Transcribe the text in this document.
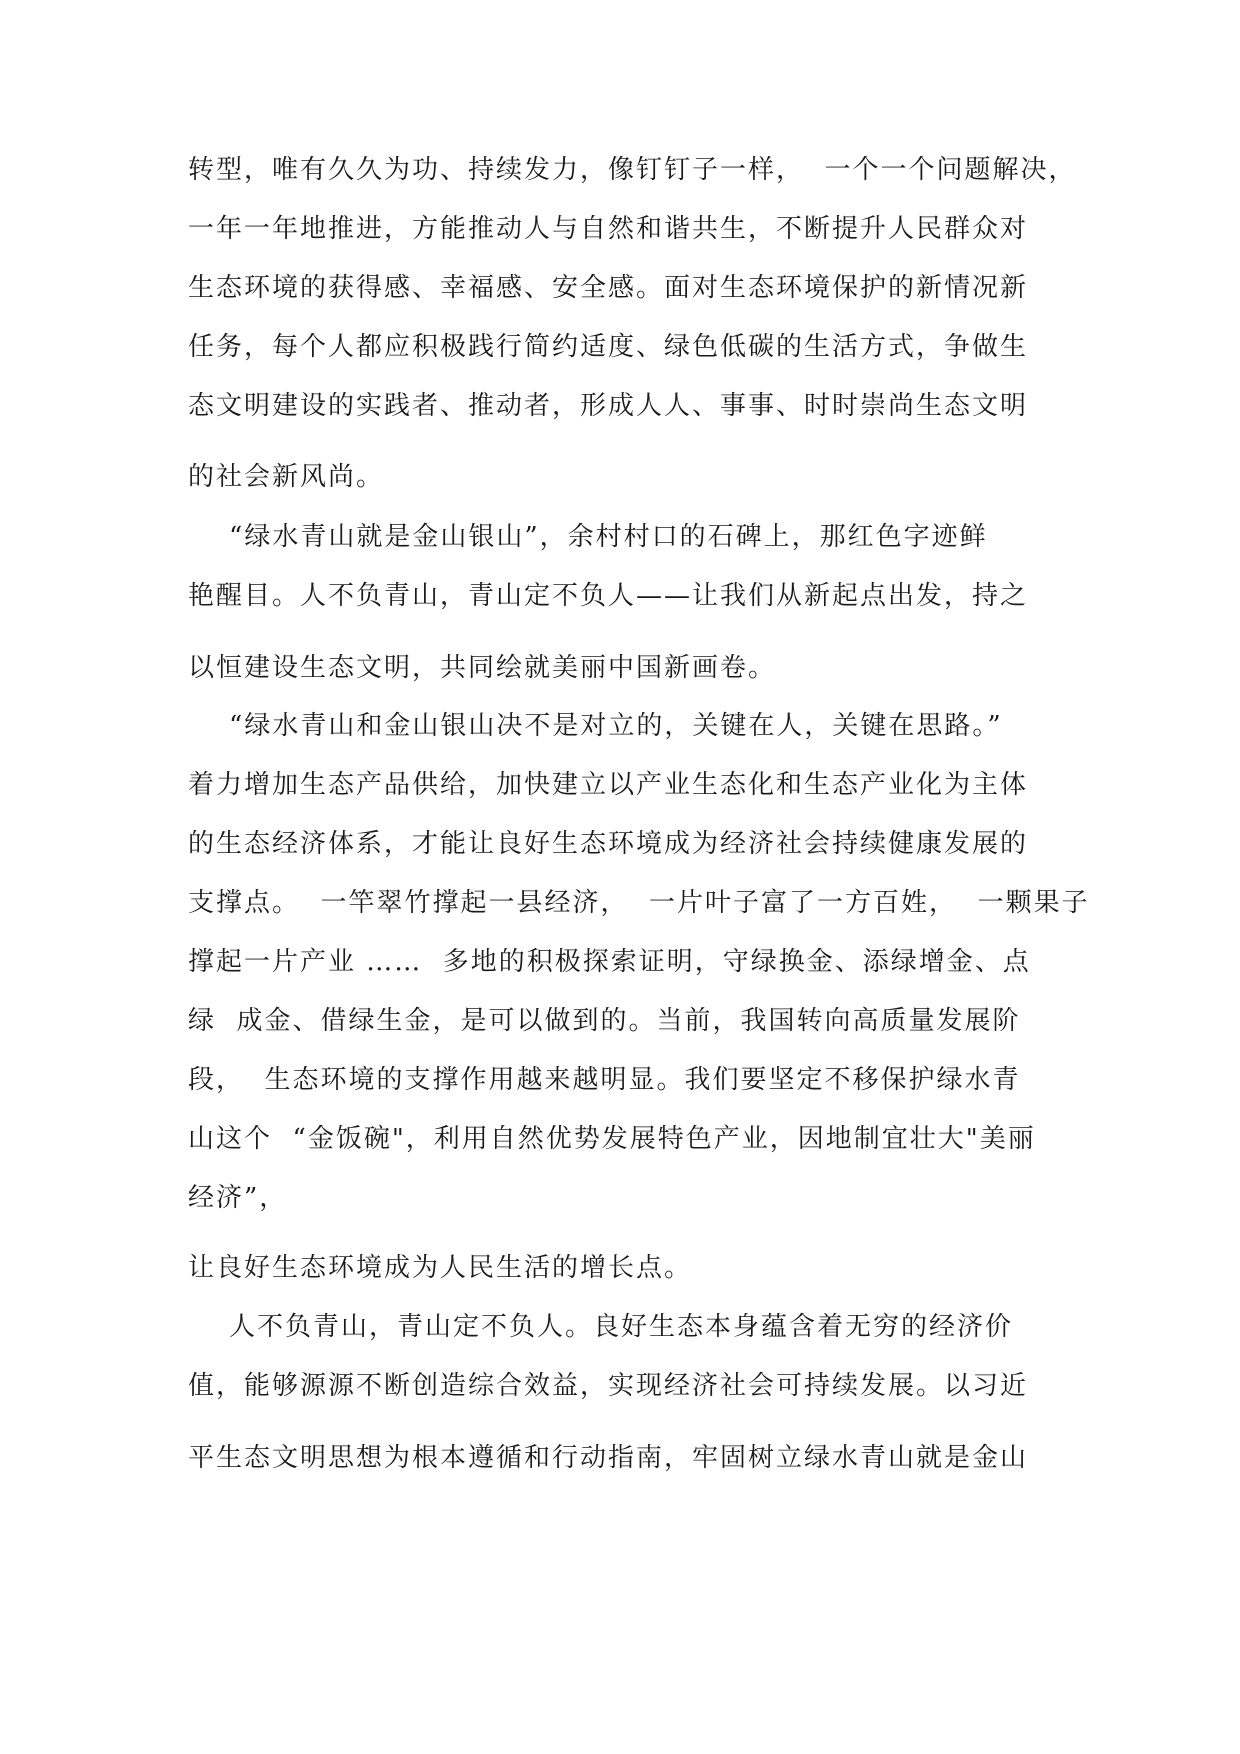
转型，唯有久久为功、持续发力，像钉钉子一样，  一个一个问题解决，
一年一年地推进，方能推动人与自然和谐共生，不断提升人民群众对
生态环境的获得感、幸福感、安全感。面对生态环境保护的新情况新
任务，每个人都应积极践行简约适度、绿色低碳的生活方式，争做生
态文明建设的实践者、推动者，形成人人、事事、时时崇尚生态文明
的社会新风尚。
“绿水青山就是金山银山”，余村村口的石碑上，那红色字迹鲜
艳醒目。人不负青山，青山定不负人——让我们从新起点出发，持之
以恒建设生态文明，共同绘就美丽中国新画卷。
“绿水青山和金山银山决不是对立的，关键在人，关键在思路。”
着力增加生态产品供给，加快建立以产业生态化和生态产业化为主体
的生态经济体系，才能让良好生态环境成为经济社会持续健康发展的
支撑点。  一竿翠竹撑起一县经济，  一片叶子富了一方百姓，  一颗果子
撑起一片产业 ……  多地的积极探索证明，守绿换金、添绿增金、点
绿  成金、借绿生金，是可以做到的。当前，我国转向高质量发展阶
段，  生态环境的支撑作用越来越明显。我们要坚定不移保护绿水青
山这个  “金饭碗"，利用自然优势发展特色产业，因地制宜壮大"美丽
经济”，
让良好生态环境成为人民生活的增长点。
人不负青山，青山定不负人。良好生态本身蕴含着无穷的经济价
值，能够源源不断创造综合效益，实现经济社会可持续发展。以习近
平生态文明思想为根本遵循和行动指南，牢固树立绿水青山就是金山
